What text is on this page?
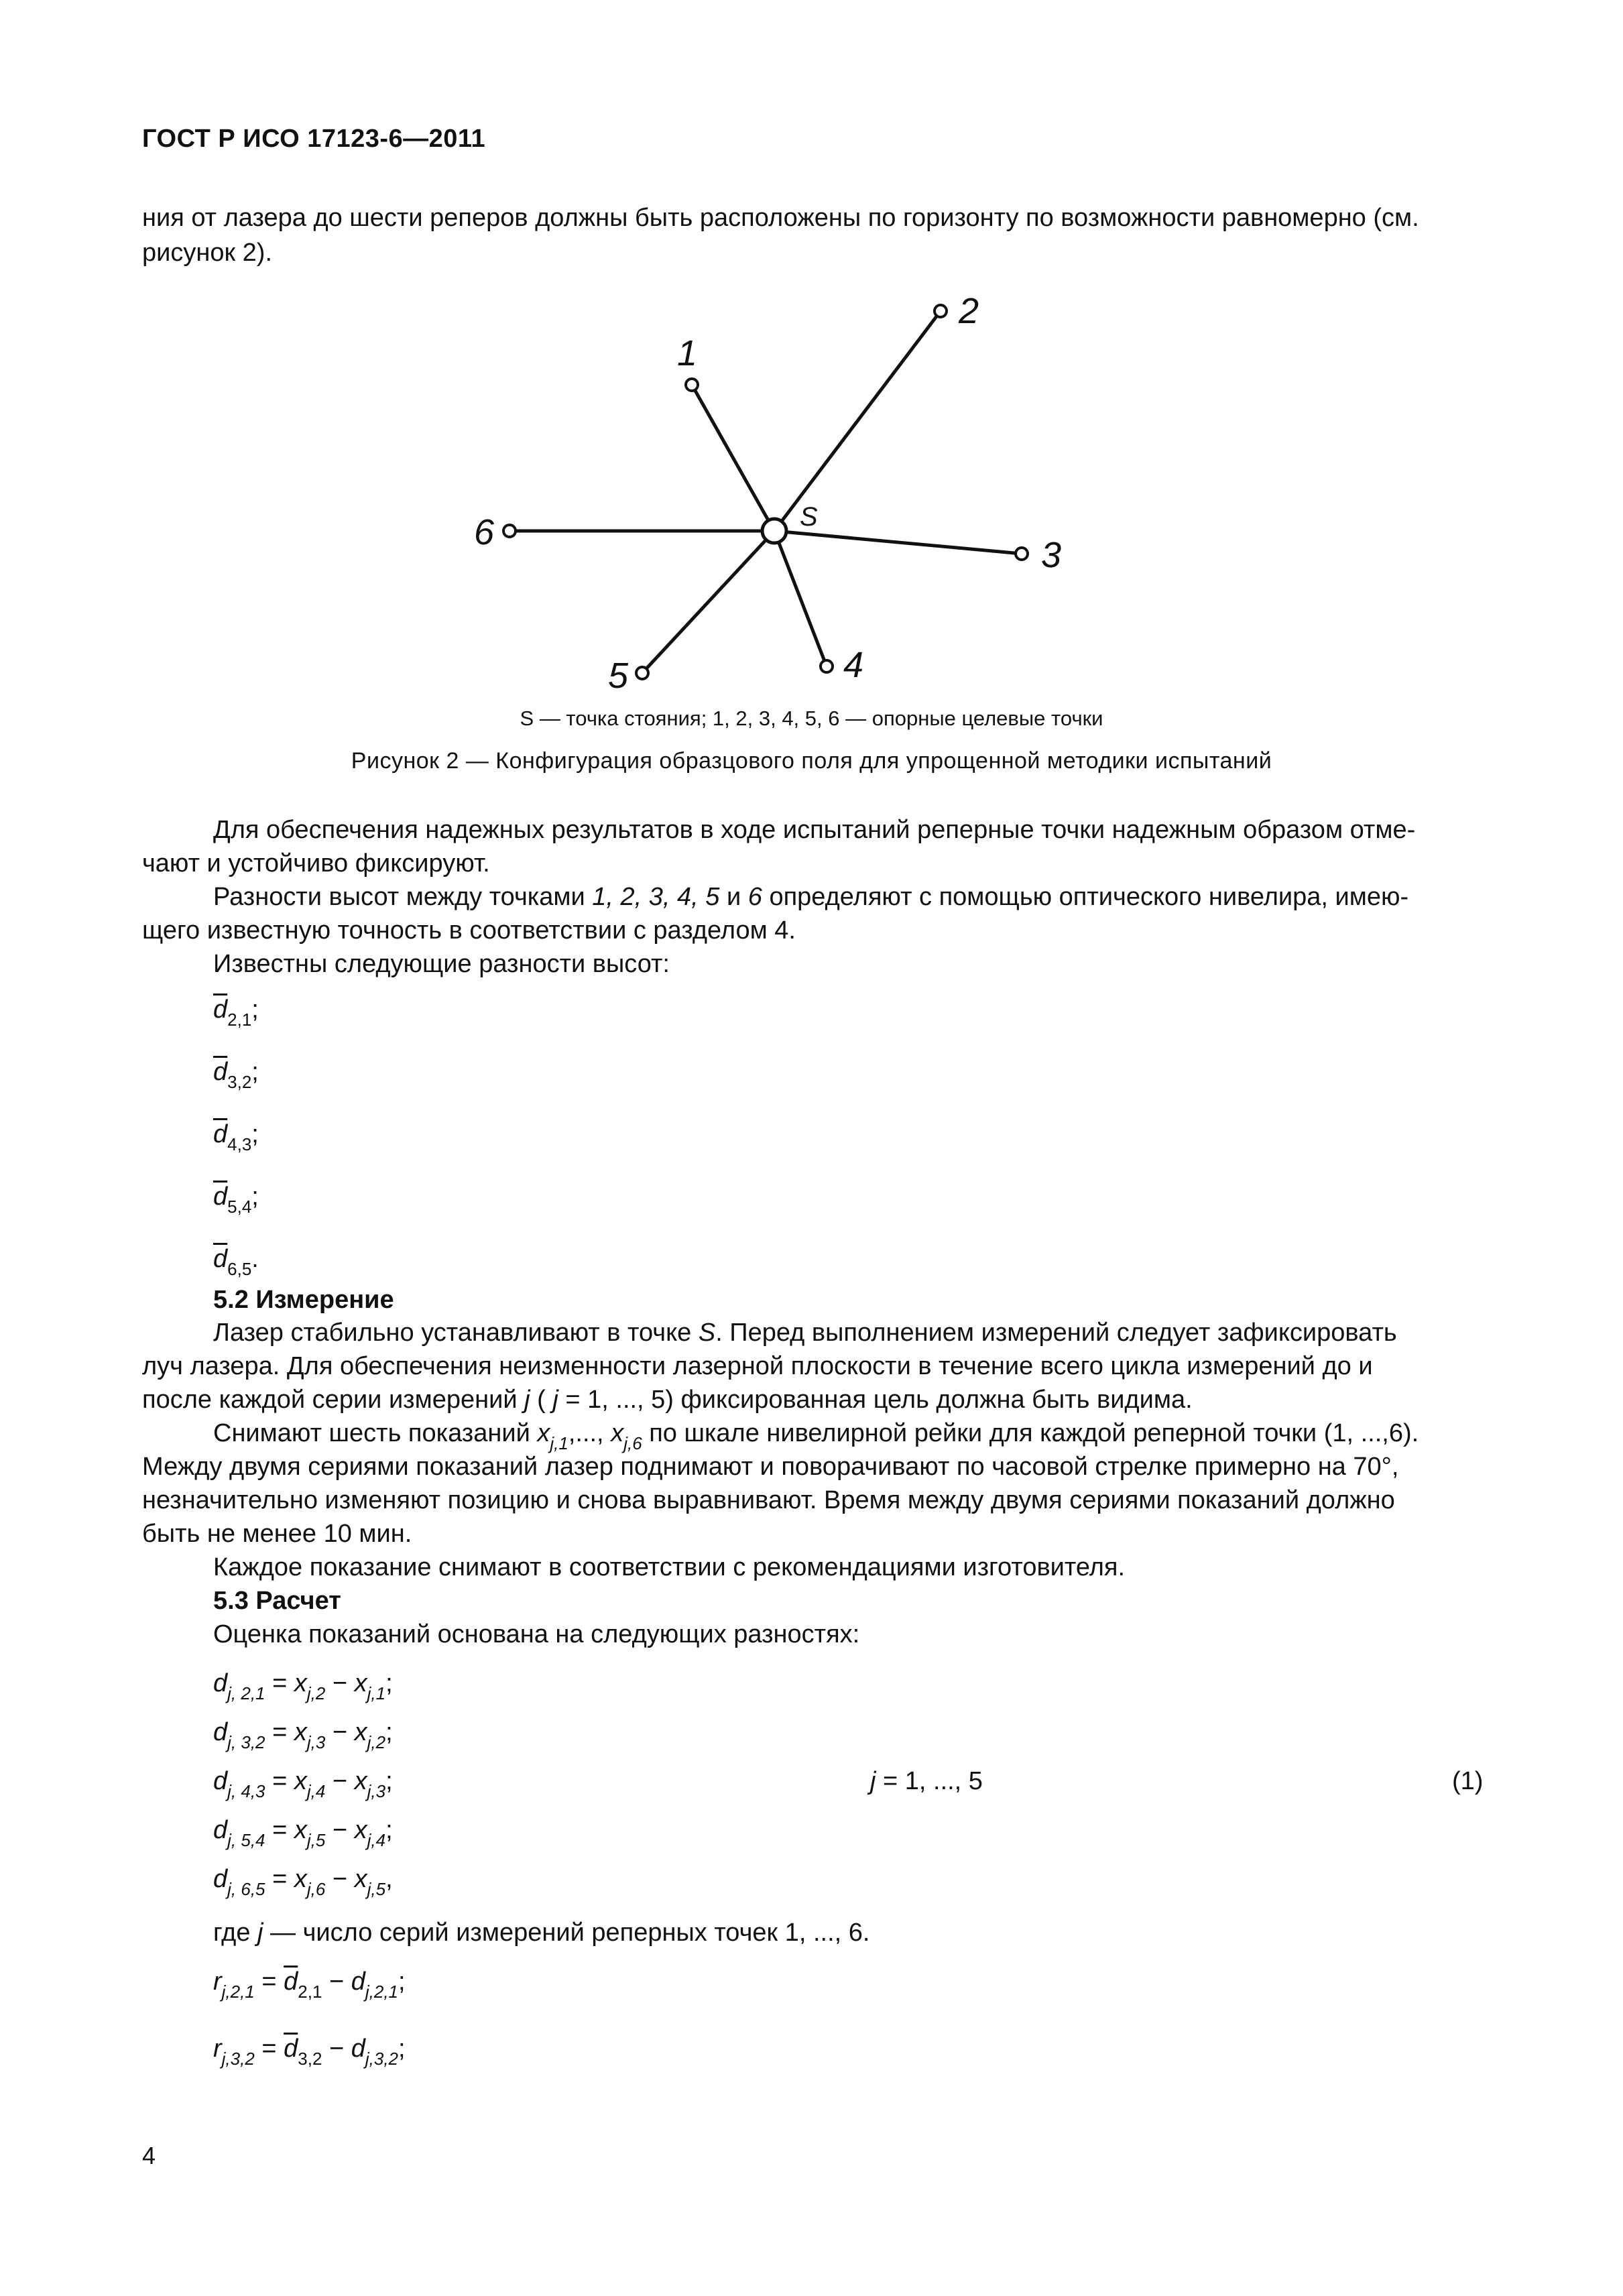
ГОСТ Р ИСО 17123-6—2011
ния от лазера до шести реперов должны быть расположены по горизонту по возможности равномерно (см.
рисунок 2).
S
1
2
3
4
5
6
S — точка стояния; 1, 2, 3, 4, 5, 6 — опорные целевые точки
Рисунок 2 — Конфигурация образцового поля для упрощенной методики испытаний
Для обеспечения надежных результатов в ходе испытаний реперные точки надежным образом отме-
чают и устойчиво фиксируют.
Разности высот между точками 1, 2, 3, 4, 5 и 6 определяют с помощью оптического нивелира, имею-
щего известную точность в соответствии с разделом 4.
Известны следующие разности высот:
$\overline{d}_{2,1}$;
$\overline{d}_{3,2}$;
$\overline{d}_{4,3}$;
$\overline{d}_{5,4}$;
$\overline{d}_{6,5}$.
5.2 Измерение
Лазер стабильно устанавливают в точке S. Перед выполнением измерений следует зафиксировать
луч лазера. Для обеспечения неизменности лазерной плоскости в течение всего цикла измерений до и
после каждой серии измерений j ( j = 1, ..., 5) фиксированная цель должна быть видима.
Снимают шесть показаний $x_{j,1}$,..., $x_{j,6}$ по шкале нивелирной рейки для каждой реперной точки (1, ...,6).
Между двумя сериями показаний лазер поднимают и поворачивают по часовой стрелке примерно на 70°,
незначительно изменяют позицию и снова выравнивают. Время между двумя сериями показаний должно
быть не менее 10 мин.
Каждое показание снимают в соответствии с рекомендациями изготовителя.
5.3 Расчет
Оценка показаний основана на следующих разностях:
$d_{j, 2,1} = x_{j,2} - x_{j,1}$;
$d_{j, 3,2} = x_{j,3} - x_{j,2}$;
$d_{j, 4,3} = x_{j,4} - x_{j,3}$;
$d_{j, 5,4} = x_{j,5} - x_{j,4}$;
$d_{j, 6,5} = x_{j,6} - x_{j,5}$,
j = 1, ..., 5	(1)
где j — число серий измерений реперных точек 1, ..., 6.
$r_{j,2,1} = \overline{d}_{2,1} - d_{j,2,1}$;
$r_{j,3,2} = \overline{d}_{3,2} - d_{j,3,2}$;
4
